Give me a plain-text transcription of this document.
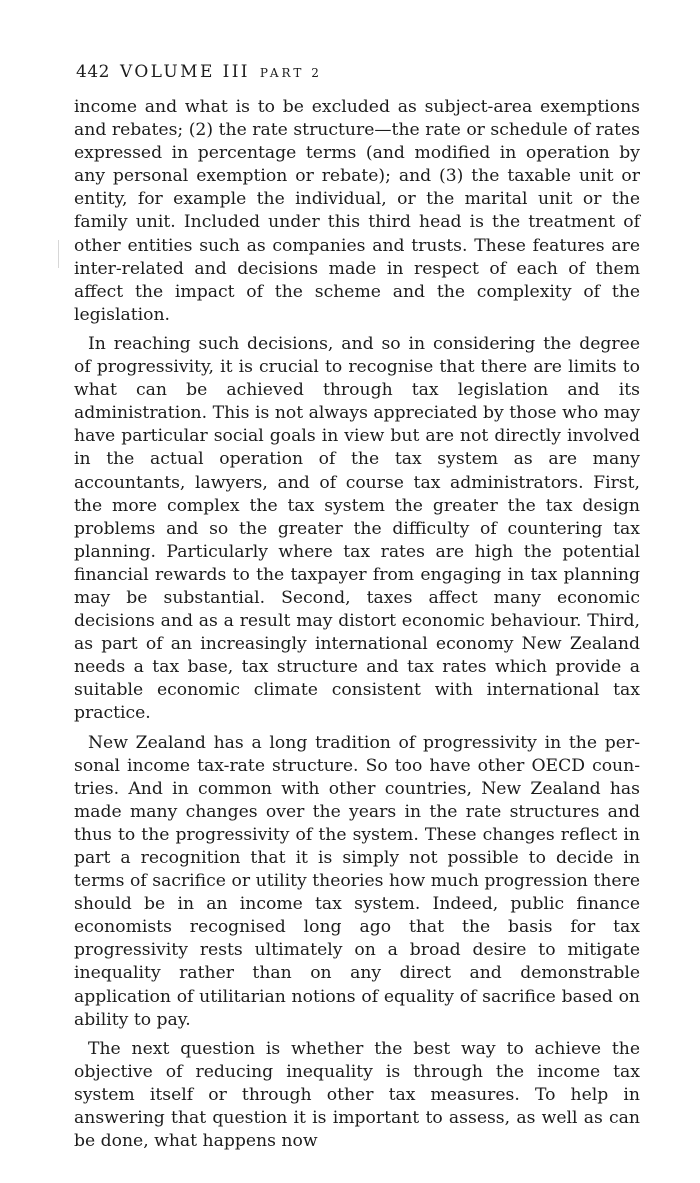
442 VOLUME III PART 2

income and what is to be excluded as subject-area exemptions and rebates; (2) the rate structure—the rate or schedule of rates expressed in percentage terms (and modified in operation by any personal exemption or rebate); and (3) the taxable unit or entity, for example the individual, or the marital unit or the family unit. Included under this third head is the treatment of other entities such as companies and trusts. These features are inter-related and decisions made in respect of each of them affect the impact of the scheme and the complexity of the legislation.

In reaching such decisions, and so in considering the degree of progressivity, it is crucial to recognise that there are limits to what can be achieved through tax legislation and its administration. This is not always appreciated by those who may have particular social goals in view but are not directly involved in the actual operation of the tax system as are many accountants, lawyers, and of course tax administrators. First, the more complex the tax system the greater the tax design problems and so the greater the difficulty of countering tax planning. Particularly where tax rates are high the potential financial rewards to the taxpayer from engaging in tax planning may be substantial. Second, taxes affect many economic decisions and as a result may distort economic behaviour. Third, as part of an increasingly international economy New Zealand needs a tax base, tax structure and tax rates which provide a suitable economic climate consistent with international tax practice.

New Zealand has a long tradition of progressivity in the personal income tax-rate structure. So too have other OECD countries. And in common with other countries, New Zealand has made many changes over the years in the rate structures and thus to the progressivity of the system. These changes reflect in part a recognition that it is simply not possible to decide in terms of sacrifice or utility theories how much progression there should be in an income tax system. Indeed, public finance economists recognised long ago that the basis for tax progressivity rests ultimately on a broad desire to mitigate inequality rather than on any direct and demonstrable application of utilitarian notions of equality of sacrifice based on ability to pay.

The next question is whether the best way to achieve the objective of reducing inequality is through the income tax system itself or through other tax measures. To help in answering that question it is important to assess, as well as can be done, what happens now
